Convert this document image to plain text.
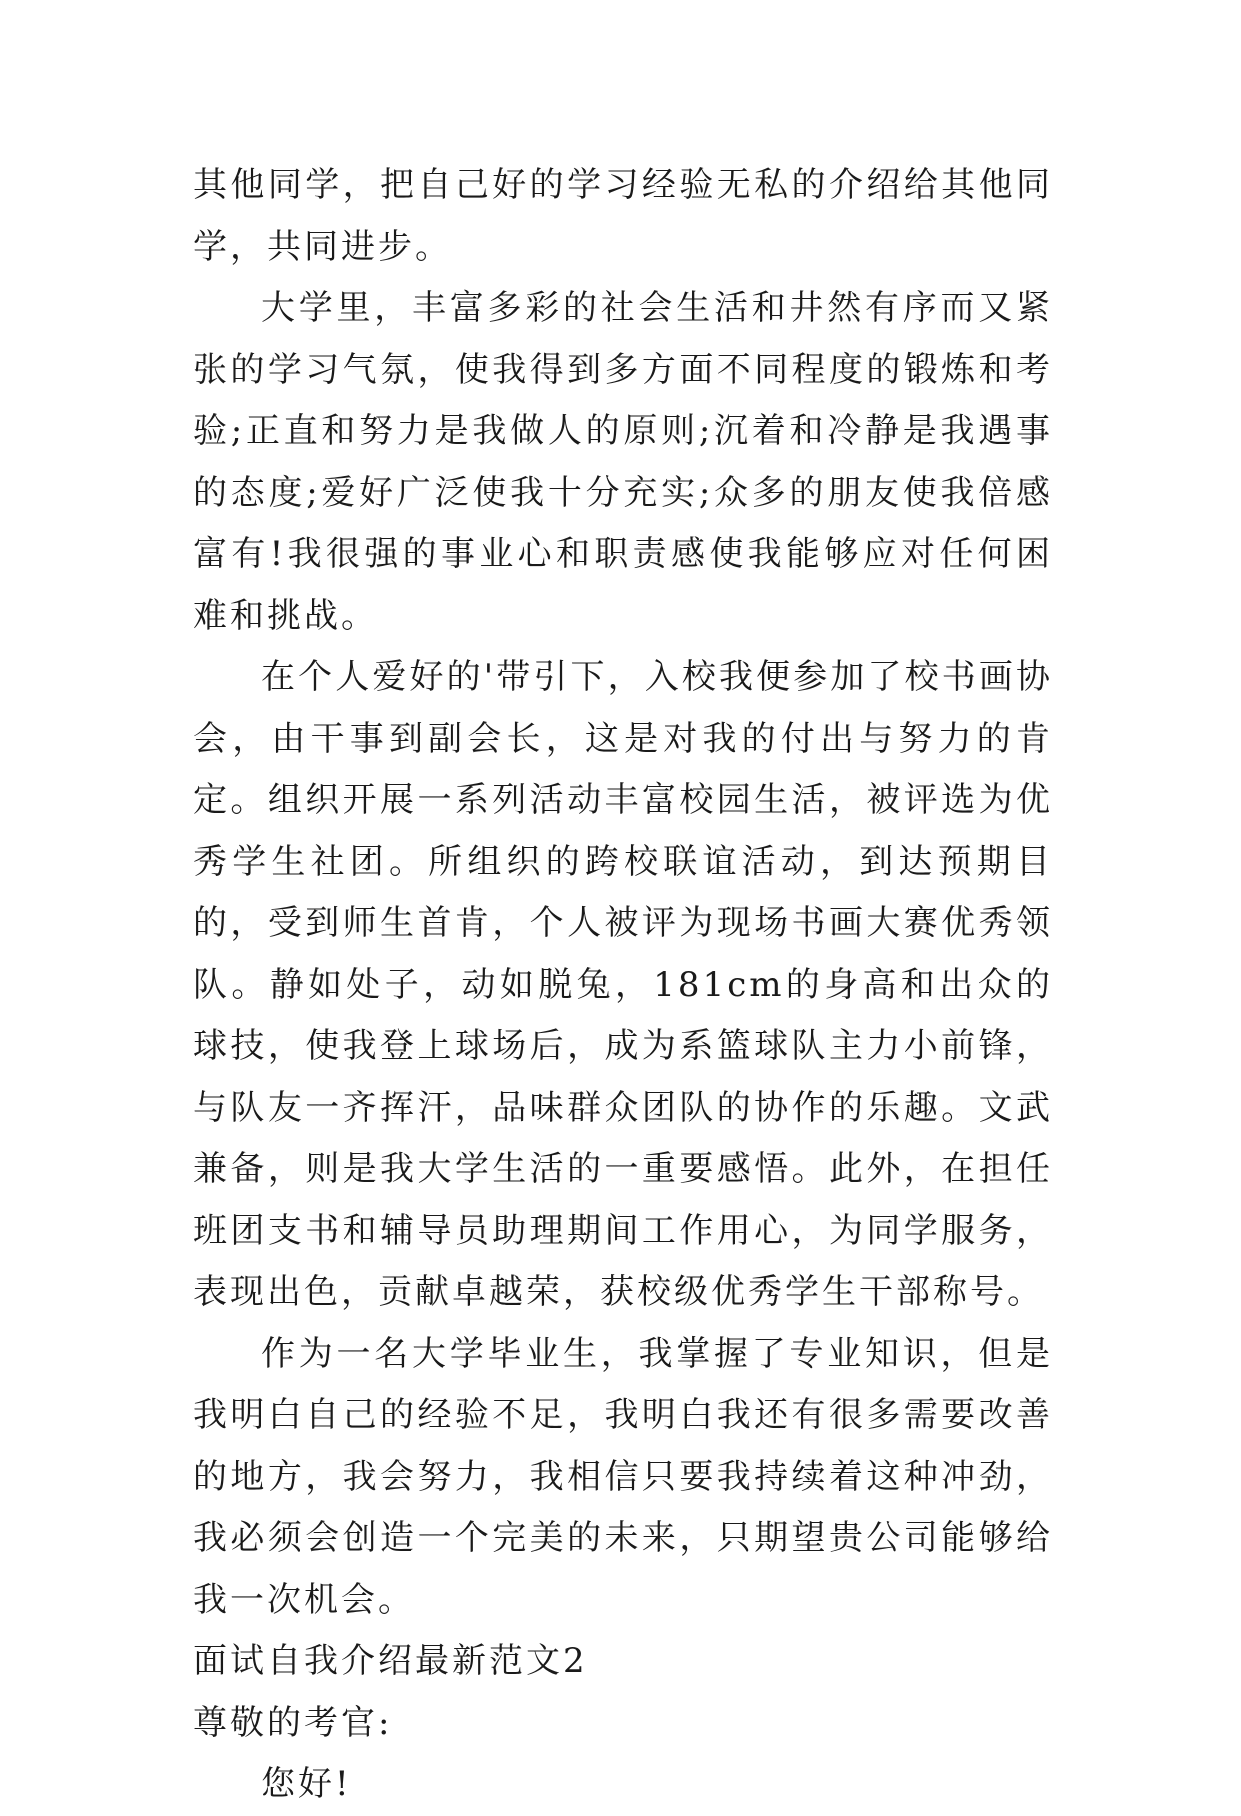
其他同学，把自己好的学习经验无私的介绍给其他同学，共同进步。

大学里，丰富多彩的社会生活和井然有序而又紧张的学习气氛，使我得到多方面不同程度的锻炼和考验;正直和努力是我做人的原则;沉着和冷静是我遇事的态度;爱好广泛使我十分充实;众多的朋友使我倍感富有!我很强的事业心和职责感使我能够应对任何困难和挑战。

在个人爱好的'带引下，入校我便参加了校书画协会，由干事到副会长，这是对我的付出与努力的肯定。组织开展一系列活动丰富校园生活，被评选为优秀学生社团。所组织的跨校联谊活动，到达预期目的，受到师生首肯，个人被评为现场书画大赛优秀领队。静如处子，动如脱兔，181cm的身高和出众的球技，使我登上球场后，成为系篮球队主力小前锋，与队友一齐挥汗，品味群众团队的协作的乐趣。文武兼备，则是我大学生活的一重要感悟。此外，在担任班团支书和辅导员助理期间工作用心，为同学服务，表现出色，贡献卓越荣，获校级优秀学生干部称号。

作为一名大学毕业生，我掌握了专业知识，但是我明白自己的经验不足，我明白我还有很多需要改善的地方，我会努力，我相信只要我持续着这种冲劲，我必须会创造一个完美的未来，只期望贵公司能够给我一次机会。

面试自我介绍最新范文2

尊敬的考官:

您好!
